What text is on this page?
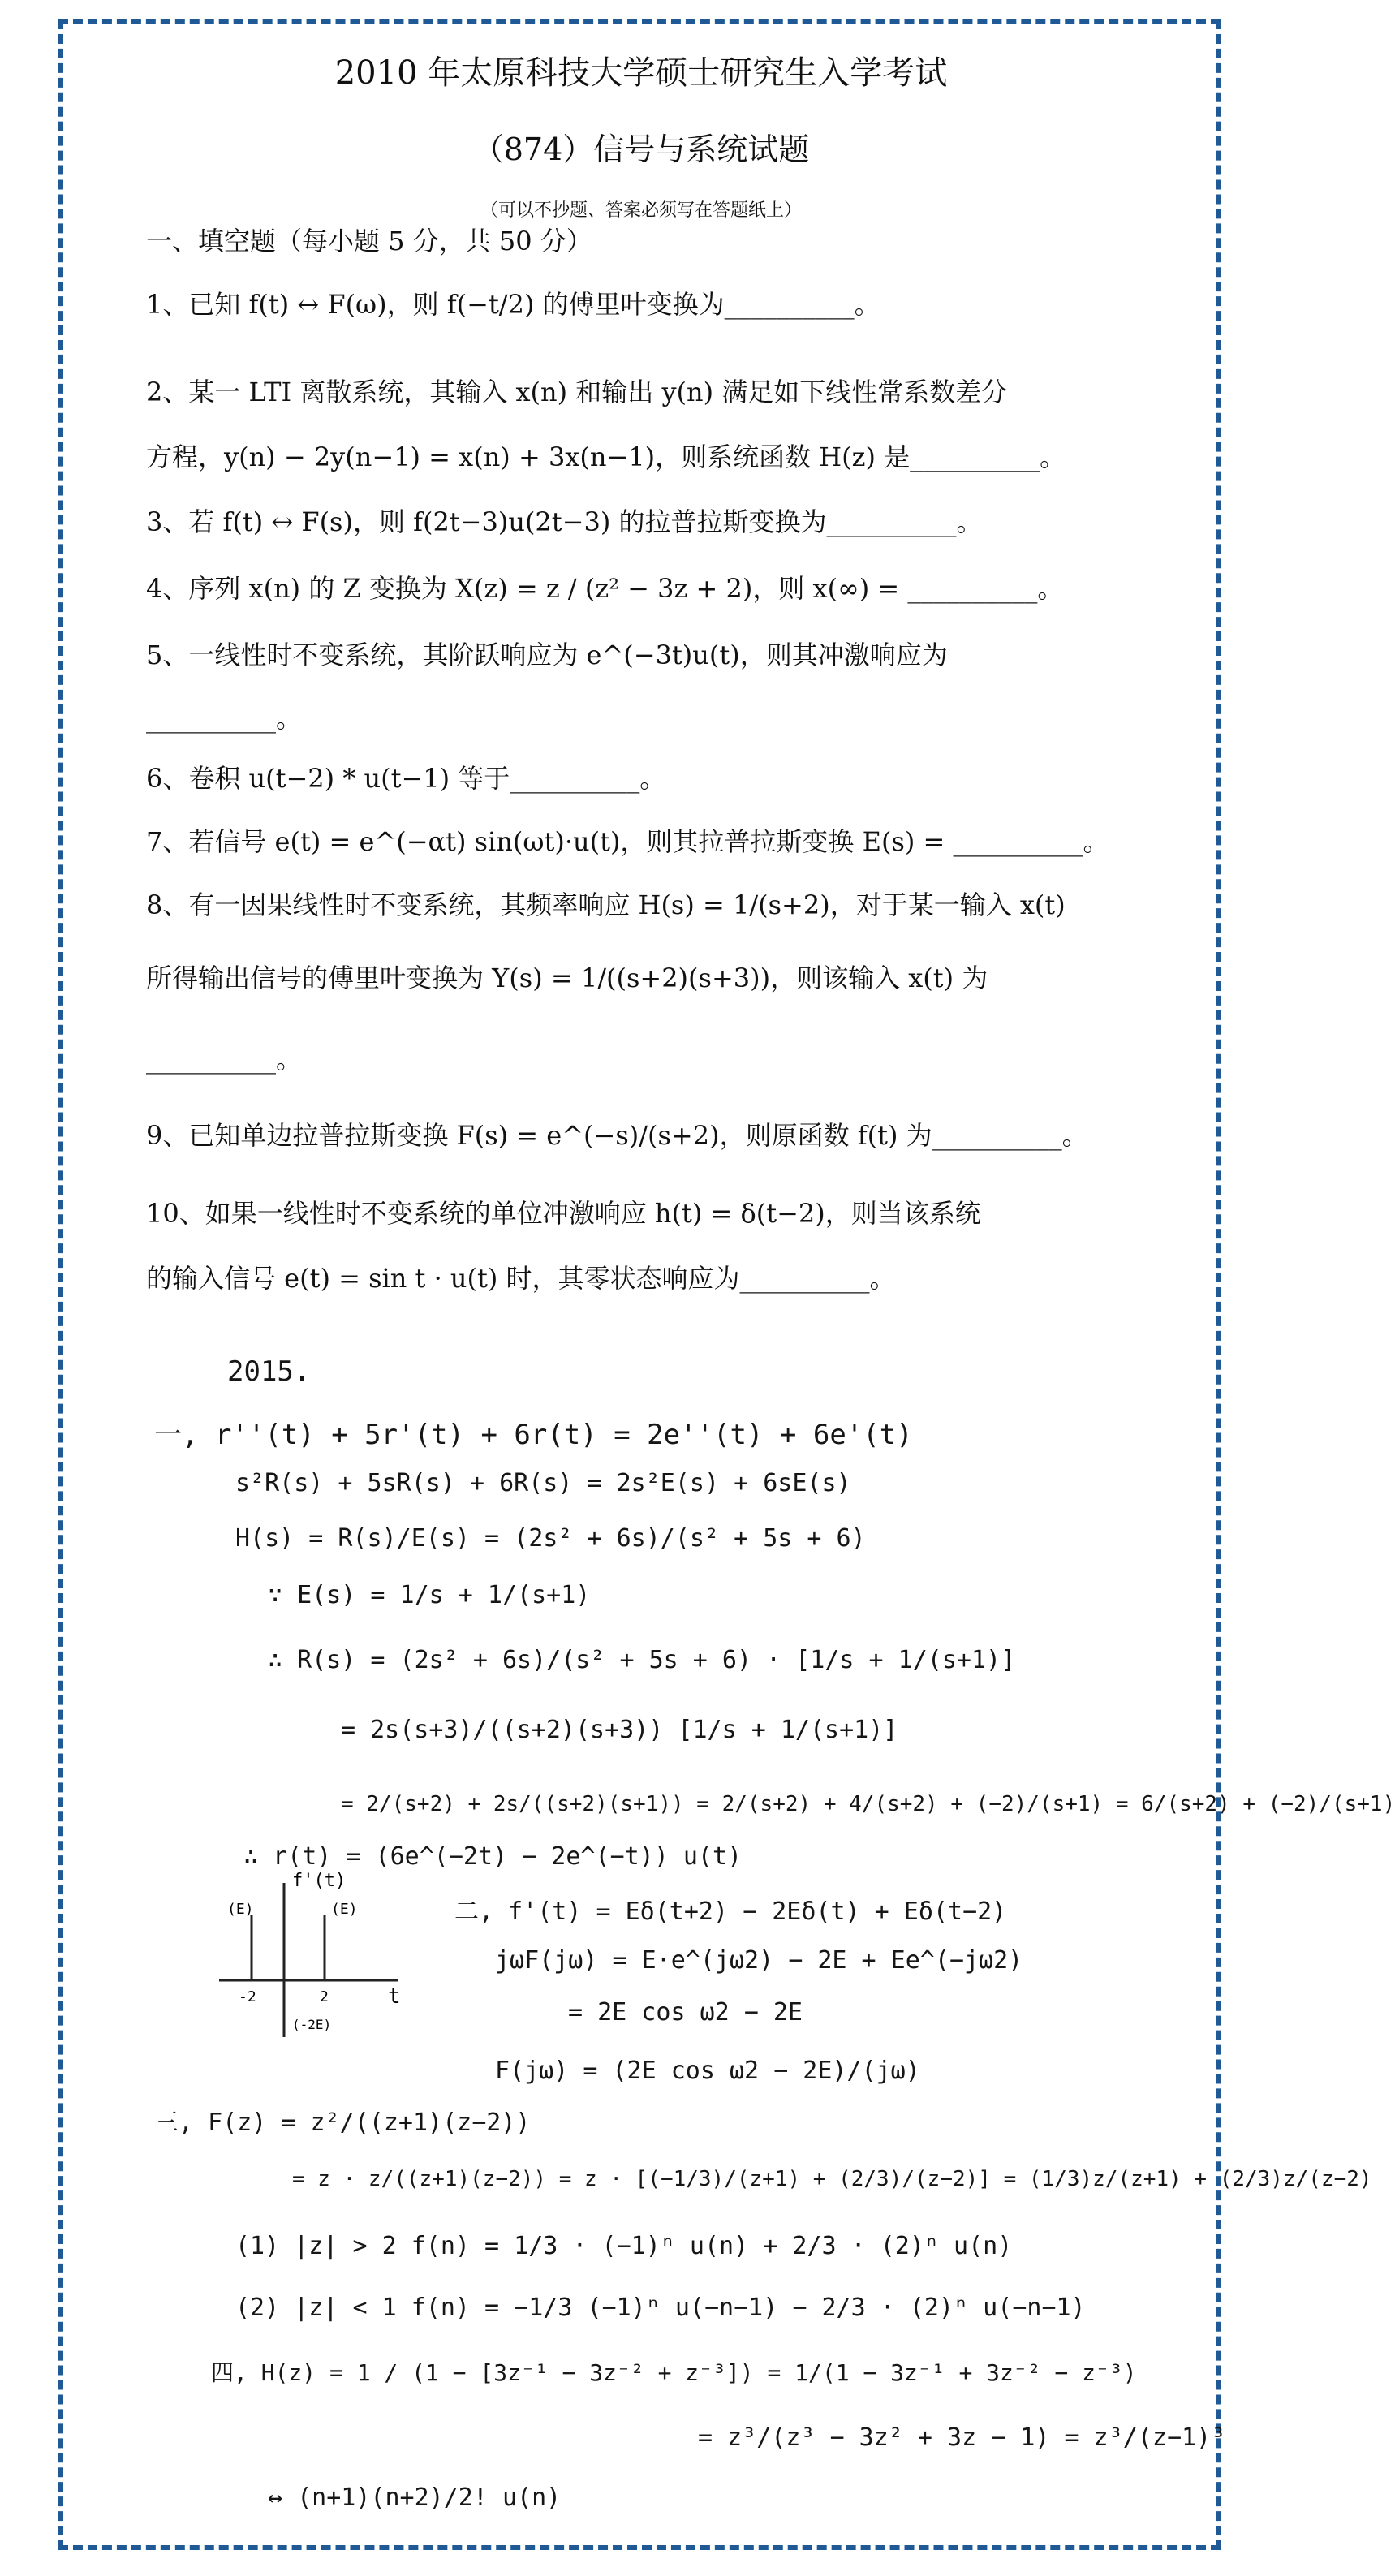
2010 年太原科技大学硕士研究生入学考试
（874）信号与系统试题
（可以不抄题、答案必须写在答题纸上）
一、填空题（每小题 5 分，共 50 分）
1、已知 f(t) ↔ F(ω)，则 f(−t/2) 的傅里叶变换为__________。
2、某一 LTI 离散系统，其输入 x(n) 和输出 y(n) 满足如下线性常系数差分
方程，y(n) − 2y(n−1) = x(n) + 3x(n−1)，则系统函数 H(z) 是__________。
3、若 f(t) ↔ F(s)，则 f(2t−3)u(2t−3) 的拉普拉斯变换为__________。
4、序列 x(n) 的 Z 变换为 X(z) = z / (z² − 3z + 2)，则 x(∞) = __________。
5、一线性时不变系统，其阶跃响应为 e^(−3t)u(t)，则其冲激响应为
__________。
6、卷积 u(t−2) * u(t−1) 等于__________。
7、若信号 e(t) = e^(−αt) sin(ωt)·u(t)，则其拉普拉斯变换 E(s) = __________。
8、有一因果线性时不变系统，其频率响应 H(s) = 1/(s+2)，对于某一输入 x(t)
所得输出信号的傅里叶变换为 Y(s) = 1/((s+2)(s+3))，则该输入 x(t) 为
__________。
9、已知单边拉普拉斯变换 F(s) = e^(−s)/(s+2)，则原函数 f(t) 为__________。
10、如果一线性时不变系统的单位冲激响应 h(t) = δ(t−2)，则当该系统
的输入信号 e(t) = sin t · u(t) 时，其零状态响应为__________。
2015.
一, r''(t) + 5r'(t) + 6r(t) = 2e''(t) + 6e'(t)
s²R(s) + 5sR(s) + 6R(s) = 2s²E(s) + 6sE(s)
H(s) = R(s)/E(s) = (2s² + 6s)/(s² + 5s + 6)
∵ E(s) = 1/s + 1/(s+1)
∴ R(s) = (2s² + 6s)/(s² + 5s + 6) · [1/s + 1/(s+1)]
= 2s(s+3)/((s+2)(s+3)) [1/s + 1/(s+1)]
= 2/(s+2) + 2s/((s+2)(s+1)) = 2/(s+2) + 4/(s+2) + (−2)/(s+1) = 6/(s+2) + (−2)/(s+1)
∴ r(t) = (6e^(−2t) − 2e^(−t)) u(t)
二, f'(t) = Eδ(t+2) − 2Eδ(t) + Eδ(t−2)
jωF(jω) = E·e^(jω2) − 2E + Ee^(−jω2)
= 2E cos ω2 − 2E
F(jω) = (2E cos ω2 − 2E)/(jω)
f'(t)
t
(E)	(E)
(-2E)
-2	2
三, F(z) = z²/((z+1)(z−2))
= z · z/((z+1)(z−2)) = z · [(−1/3)/(z+1) + (2/3)/(z−2)] = (1/3)z/(z+1) + (2/3)z/(z−2)
(1) |z| > 2 f(n) = 1/3 · (−1)ⁿ u(n) + 2/3 · (2)ⁿ u(n)
(2) |z| < 1 f(n) = −1/3 (−1)ⁿ u(−n−1) − 2/3 · (2)ⁿ u(−n−1)
四, H(z) = 1 / (1 − [3z⁻¹ − 3z⁻² + z⁻³]) = 1/(1 − 3z⁻¹ + 3z⁻² − z⁻³)
= z³/(z³ − 3z² + 3z − 1) = z³/(z−1)³
↔ (n+1)(n+2)/2! u(n)
